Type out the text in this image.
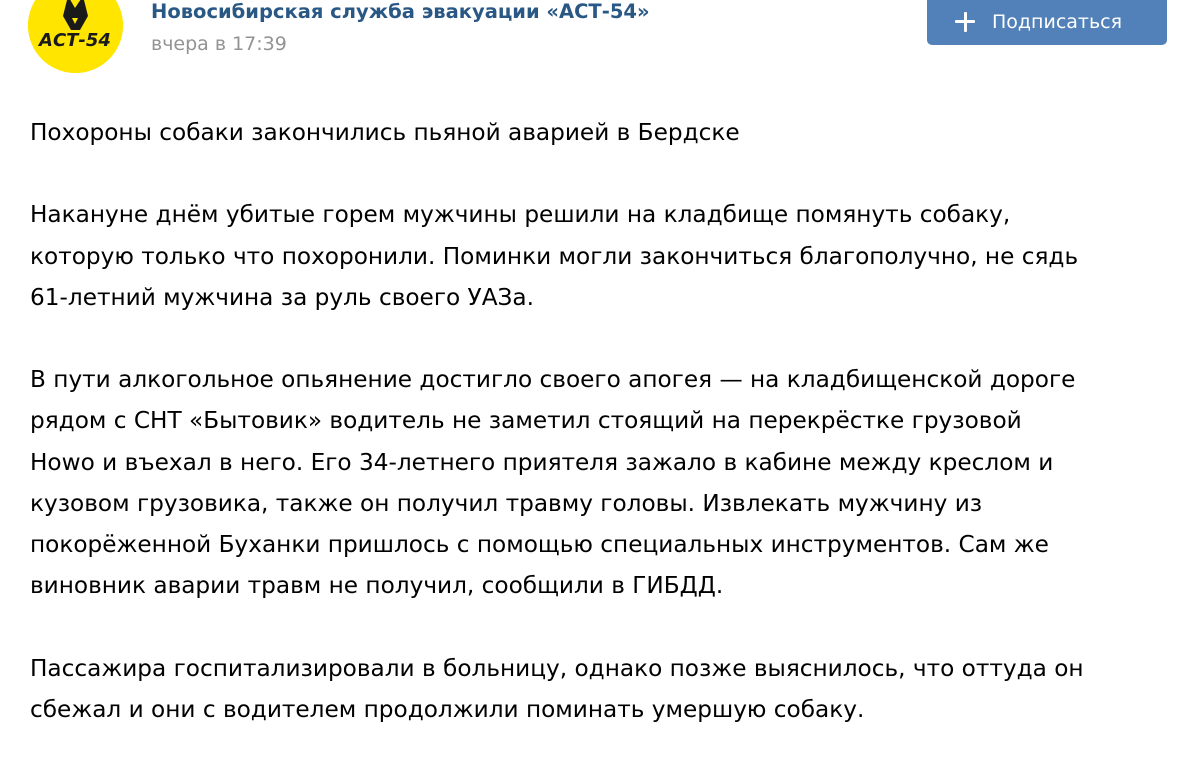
АСТ-54
Новосибирская служба эвакуации «АСТ-54»
вчера в 17:39
Подписаться

Похороны собаки закончились пьяной аварией в Бердске

Накануне днём убитые горем мужчины решили на кладбище помянуть собаку,

которую только что похоронили. Поминки могли закончиться благополучно, не сядь

61-летний мужчина за руль своего УАЗа.

В пути алкогольное опьянение достигло своего апогея — на кладбищенской дороге

рядом с СНТ «Бытовик» водитель не заметил стоящий на перекрёстке грузовой

Howo и въехал в него. Его 34-летнего приятеля зажало в кабине между креслом и

кузовом грузовика, также он получил травму головы. Извлекать мужчину из

покорёженной Буханки пришлось с помощью специальных инструментов. Сам же

виновник аварии травм не получил, сообщили в ГИБДД.

Пассажира госпитализировали в больницу, однако позже выяснилось, что оттуда он

сбежал и они с водителем продолжили поминать умершую собаку.
